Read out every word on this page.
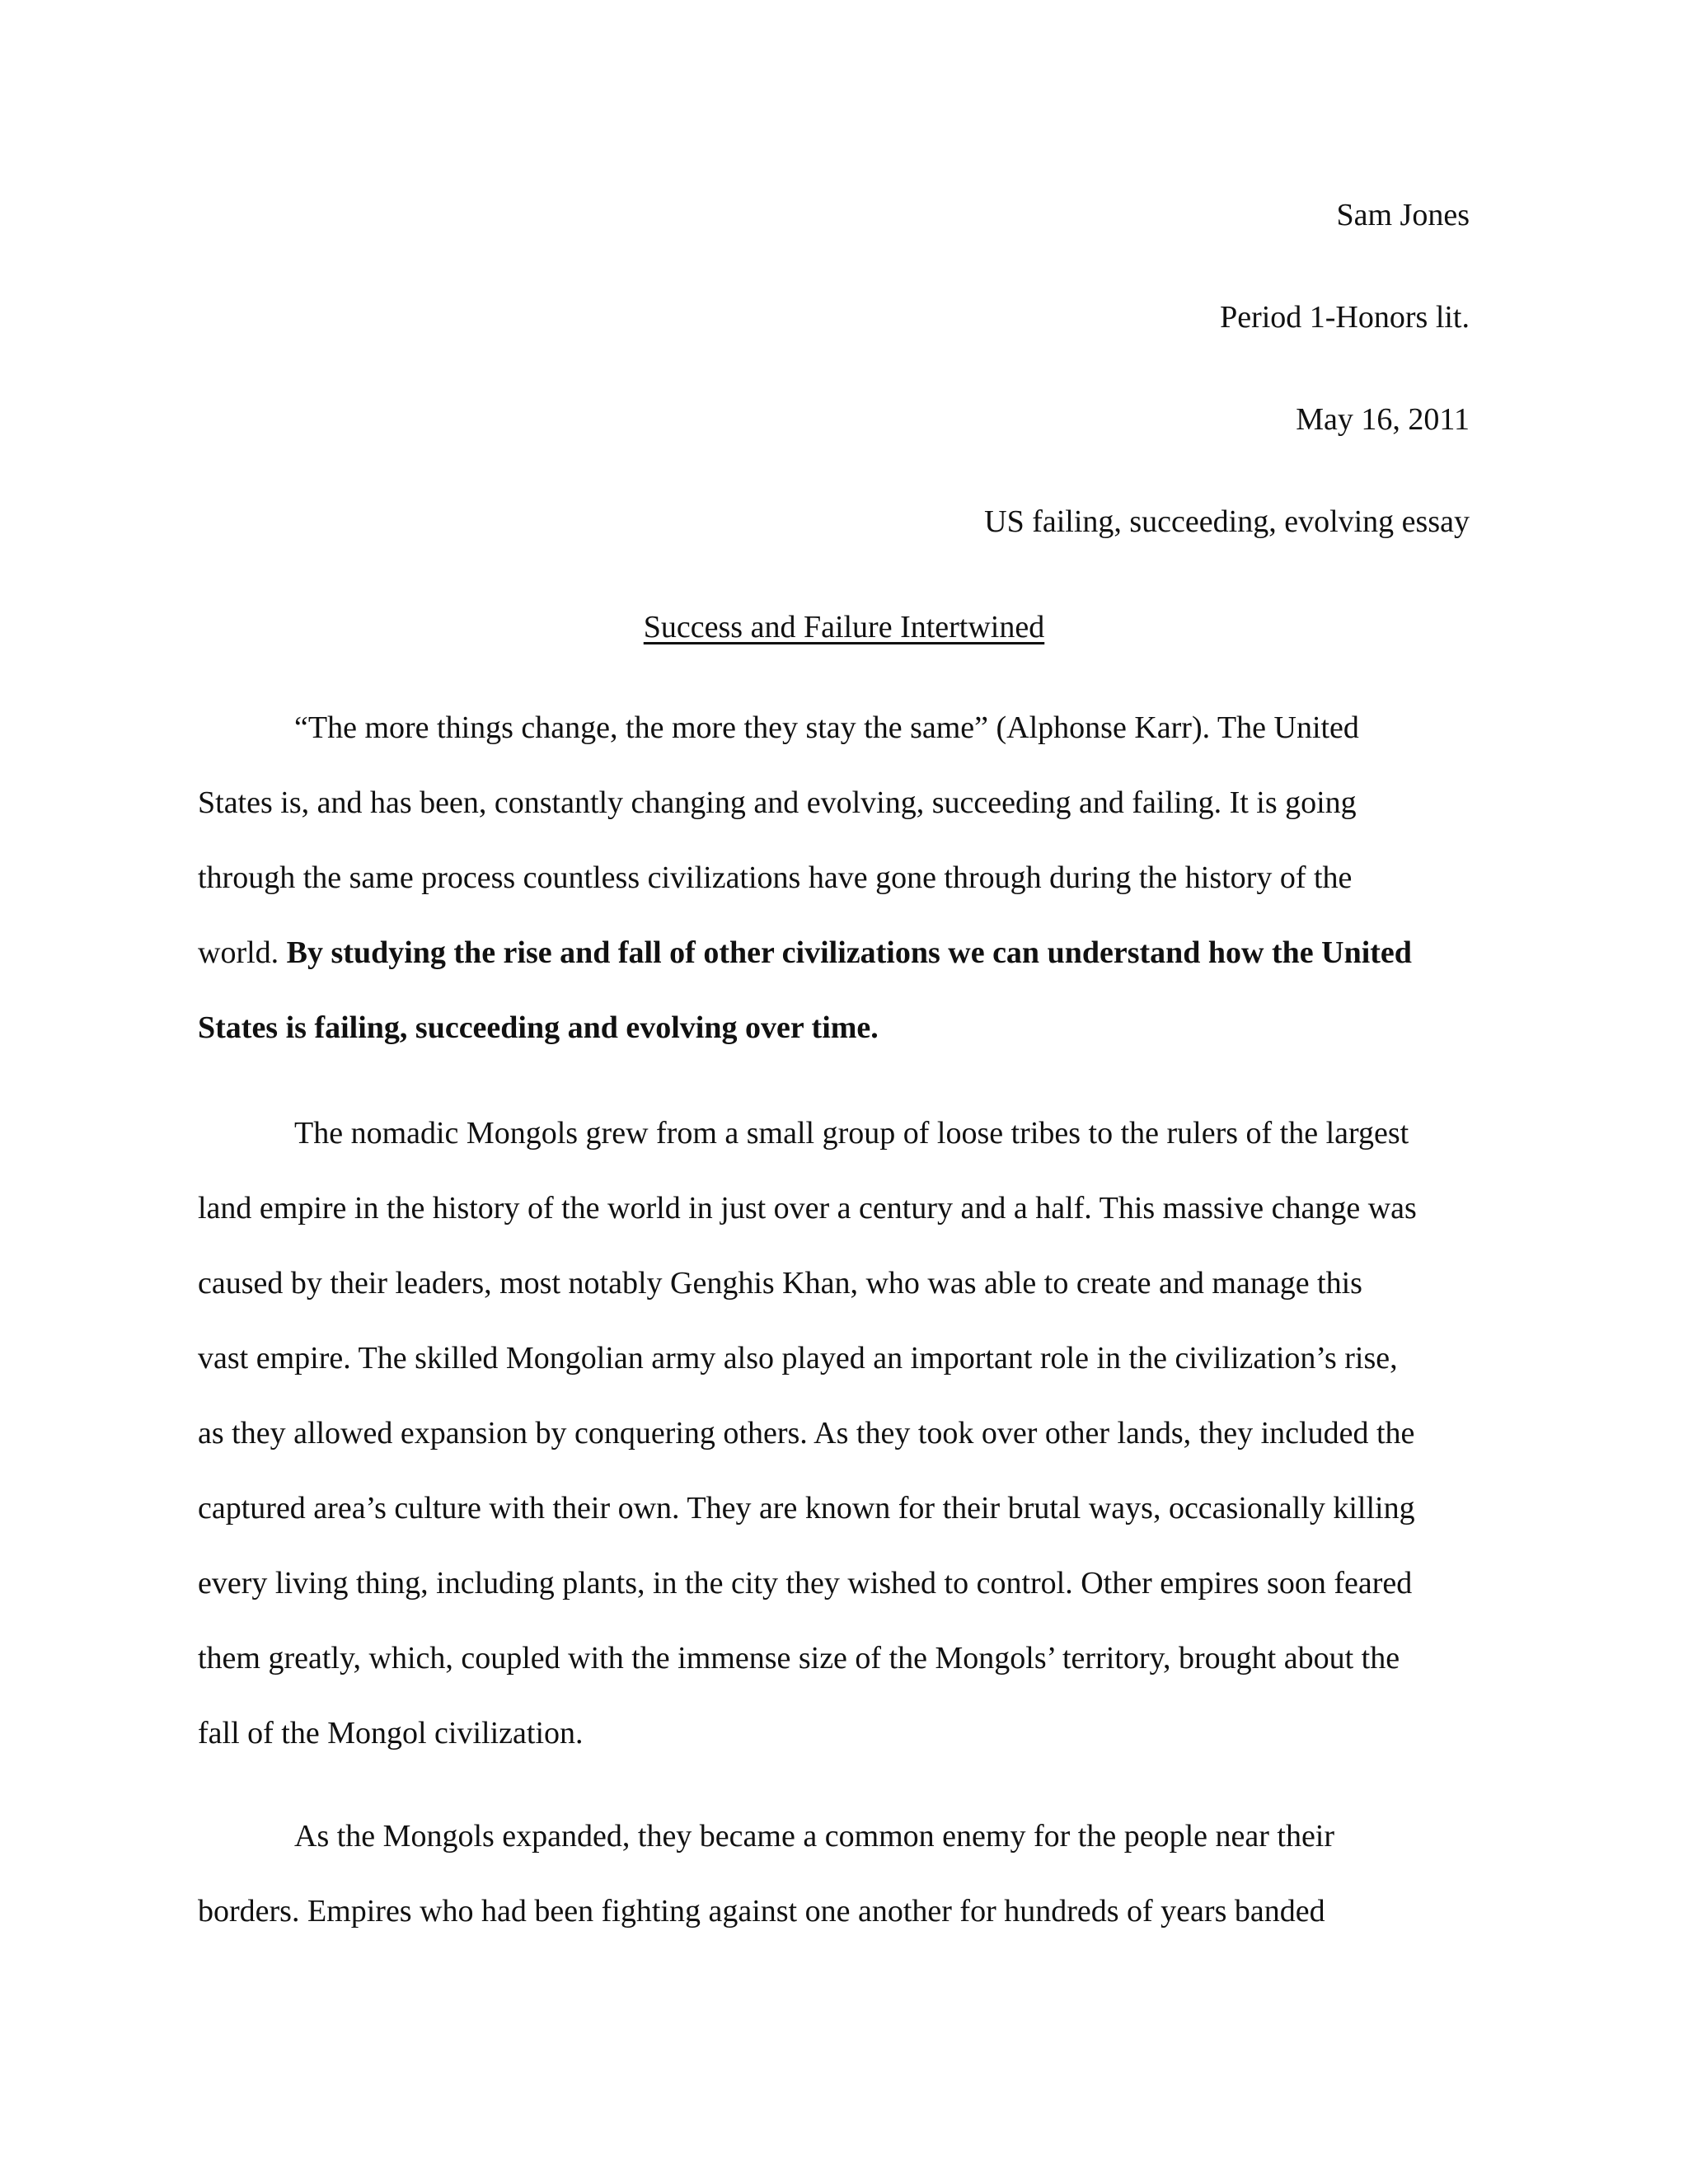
Sam Jones
Period 1-Honors lit.
May 16, 2011
US failing, succeeding, evolving essay
Success and Failure Intertwined
“The more things change, the more they stay the same” (Alphonse Karr). The United
States is, and has been, constantly changing and evolving, succeeding and failing. It is going
through the same process countless civilizations have gone through during the history of the
world. By studying the rise and fall of other civilizations we can understand how the United
States is failing, succeeding and evolving over time.
The nomadic Mongols grew from a small group of loose tribes to the rulers of the largest
land empire in the history of the world in just over a century and a half. This massive change was
caused by their leaders, most notably Genghis Khan, who was able to create and manage this
vast empire. The skilled Mongolian army also played an important role in the civilization’s rise,
as they allowed expansion by conquering others. As they took over other lands, they included the
captured area’s culture with their own. They are known for their brutal ways, occasionally killing
every living thing, including plants, in the city they wished to control. Other empires soon feared
them greatly, which, coupled with the immense size of the Mongols’ territory, brought about the
fall of the Mongol civilization.
As the Mongols expanded, they became a common enemy for the people near their
borders. Empires who had been fighting against one another for hundreds of years banded
